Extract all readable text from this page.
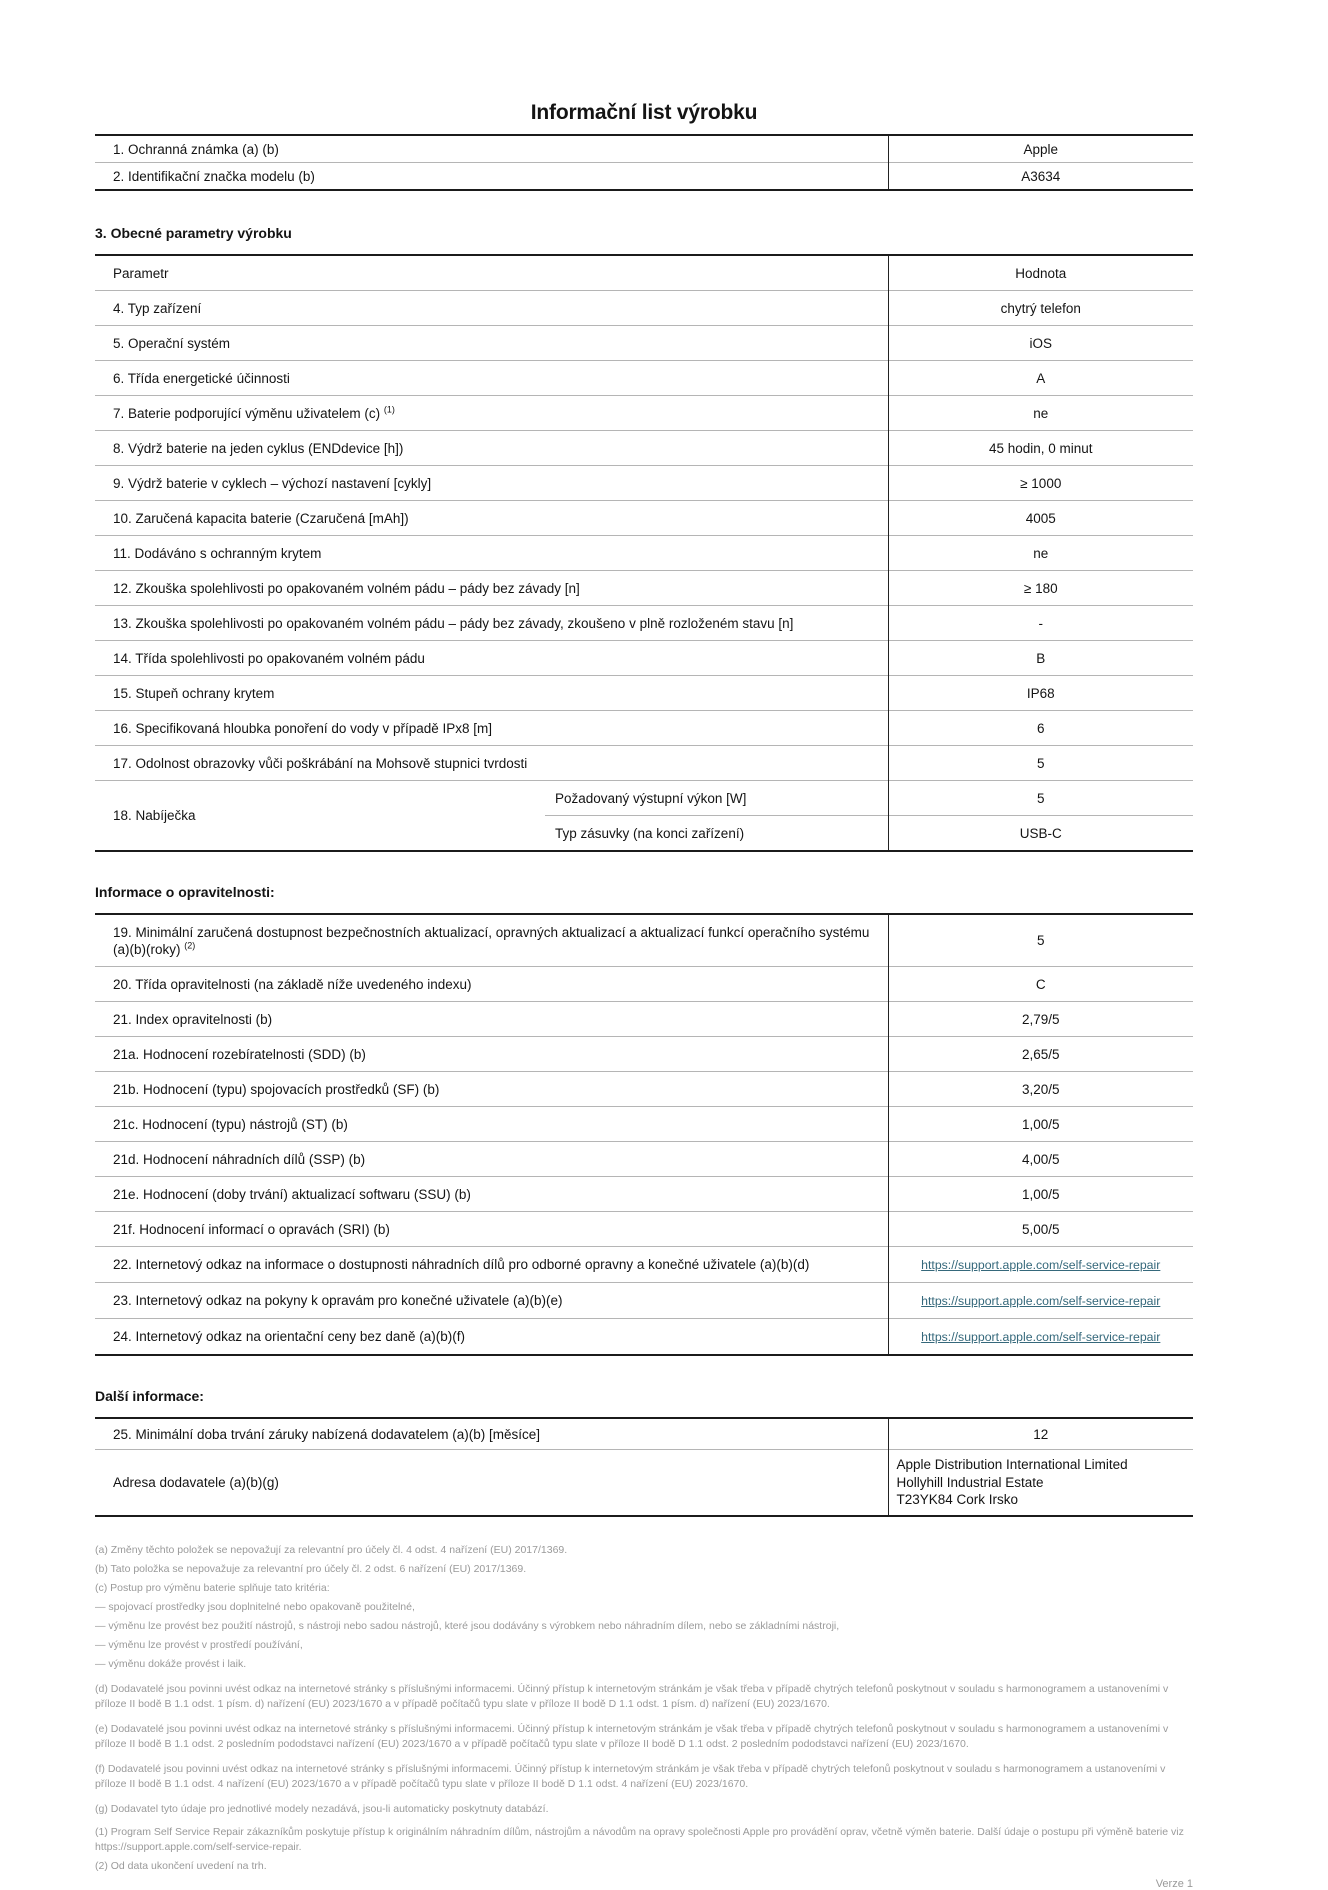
Informační list výrobku
1. Ochranná známka (a) (b)	Apple
2. Identifikační značka modelu (b)	A3634
3. Obecné parametry výrobku
Parametr		Hodnota
4. Typ zařízení		chytrý telefon
5. Operační systém		iOS
6. Třída energetické účinnosti		A
7. Baterie podporující výměnu uživatelem (c) $^{(1)}$		ne
8. Výdrž baterie na jeden cyklus (ENDdevice [h])		45 hodin, 0 minut
9. Výdrž baterie v cyklech – výchozí nastavení [cykly]		≥ 1000
10. Zaručená kapacita baterie (Czaručená [mAh])		4005
11. Dodáváno s ochranným krytem		ne
12. Zkouška spolehlivosti po opakovaném volném pádu – pády bez závady [n]		≥ 180
13. Zkouška spolehlivosti po opakovaném volném pádu – pády bez závady, zkoušeno v plně rozloženém stavu [n]		-
14. Třída spolehlivosti po opakovaném volném pádu		B
15. Stupeň ochrany krytem		IP68
16. Specifikovaná hloubka ponoření do vody v případě IPx8 [m]		6
17. Odolnost obrazovky vůči poškrábání na Mohsově stupnici tvrdosti		5
18. Nabíječka	Požadovaný výstupní výkon [W]	5
	Typ zásuvky (na konci zařízení)	USB-C
Informace o opravitelnosti:
19. Minimální zaručená dostupnost bezpečnostních aktualizací, opravných aktualizací a aktualizací funkcí operačního systému (a)(b)(roky) $^{(2)}$	5
20. Třída opravitelnosti (na základě níže uvedeného indexu)	C
21. Index opravitelnosti (b)	2,79/5
21a. Hodnocení rozebíratelnosti (SDD) (b)	2,65/5
21b. Hodnocení (typu) spojovacích prostředků (SF) (b)	3,20/5
21c. Hodnocení (typu) nástrojů (ST) (b)	1,00/5
21d. Hodnocení náhradních dílů (SSP) (b)	4,00/5
21e. Hodnocení (doby trvání) aktualizací softwaru (SSU) (b)	1,00/5
21f. Hodnocení informací o opravách (SRI) (b)	5,00/5
22. Internetový odkaz na informace o dostupnosti náhradních dílů pro odborné opravny a konečné uživatele (a)(b)(d)	https://support.apple.com/self-service-repair
23. Internetový odkaz na pokyny k opravám pro konečné uživatele (a)(b)(e)	https://support.apple.com/self-service-repair
24. Internetový odkaz na orientační ceny bez daně (a)(b)(f)	https://support.apple.com/self-service-repair
Další informace:
25. Minimální doba trvání záruky nabízená dodavatelem (a)(b) [měsíce]	12
Adresa dodavatele (a)(b)(g)	Apple Distribution International Limited
Hollyhill Industrial Estate
T23YK84 Cork Irsko

(a) Změny těchto položek se nepovažují za relevantní pro účely čl. 4 odst. 4 nařízení (EU) 2017/1369.

(b) Tato položka se nepovažuje za relevantní pro účely čl. 2 odst. 6 nařízení (EU) 2017/1369.

(c) Postup pro výměnu baterie splňuje tato kritéria:

— spojovací prostředky jsou doplnitelné nebo opakovaně použitelné,

— výměnu lze provést bez použití nástrojů, s nástroji nebo sadou nástrojů, které jsou dodávány s výrobkem nebo náhradním dílem, nebo se základními nástroji,

— výměnu lze provést v prostředí používání,

— výměnu dokáže provést i laik.

(d) Dodavatelé jsou povinni uvést odkaz na internetové stránky s příslušnými informacemi. Účinný přístup k internetovým stránkám je však třeba v případě chytrých telefonů poskytnout v souladu s harmonogramem a ustanoveními v příloze II bodě B 1.1 odst. 1 písm. d) nařízení (EU) 2023/1670 a v případě počítačů typu slate v příloze II bodě D 1.1 odst. 1 písm. d) nařízení (EU) 2023/1670.

(e) Dodavatelé jsou povinni uvést odkaz na internetové stránky s příslušnými informacemi. Účinný přístup k internetovým stránkám je však třeba v případě chytrých telefonů poskytnout v souladu s harmonogramem a ustanoveními v příloze II bodě B 1.1 odst. 2 posledním pododstavci nařízení (EU) 2023/1670 a v případě počítačů typu slate v příloze II bodě D 1.1 odst. 2 posledním pododstavci nařízení (EU) 2023/1670.

(f) Dodavatelé jsou povinni uvést odkaz na internetové stránky s příslušnými informacemi. Účinný přístup k internetovým stránkám je však třeba v případě chytrých telefonů poskytnout v souladu s harmonogramem a ustanoveními v příloze II bodě B 1.1 odst. 4 nařízení (EU) 2023/1670 a v případě počítačů typu slate v příloze II bodě D 1.1 odst. 4 nařízení (EU) 2023/1670.

(g) Dodavatel tyto údaje pro jednotlivé modely nezadává, jsou-li automaticky poskytnuty databází.

(1) Program Self Service Repair zákazníkům poskytuje přístup k originálním náhradním dílům, nástrojům a návodům na opravy společnosti Apple pro provádění oprav, včetně výměn baterie. Další údaje o postupu při výměně baterie viz https://support.apple.com/self-service-repair.

(2) Od data ukončení uvedení na trh.

Verze 1
